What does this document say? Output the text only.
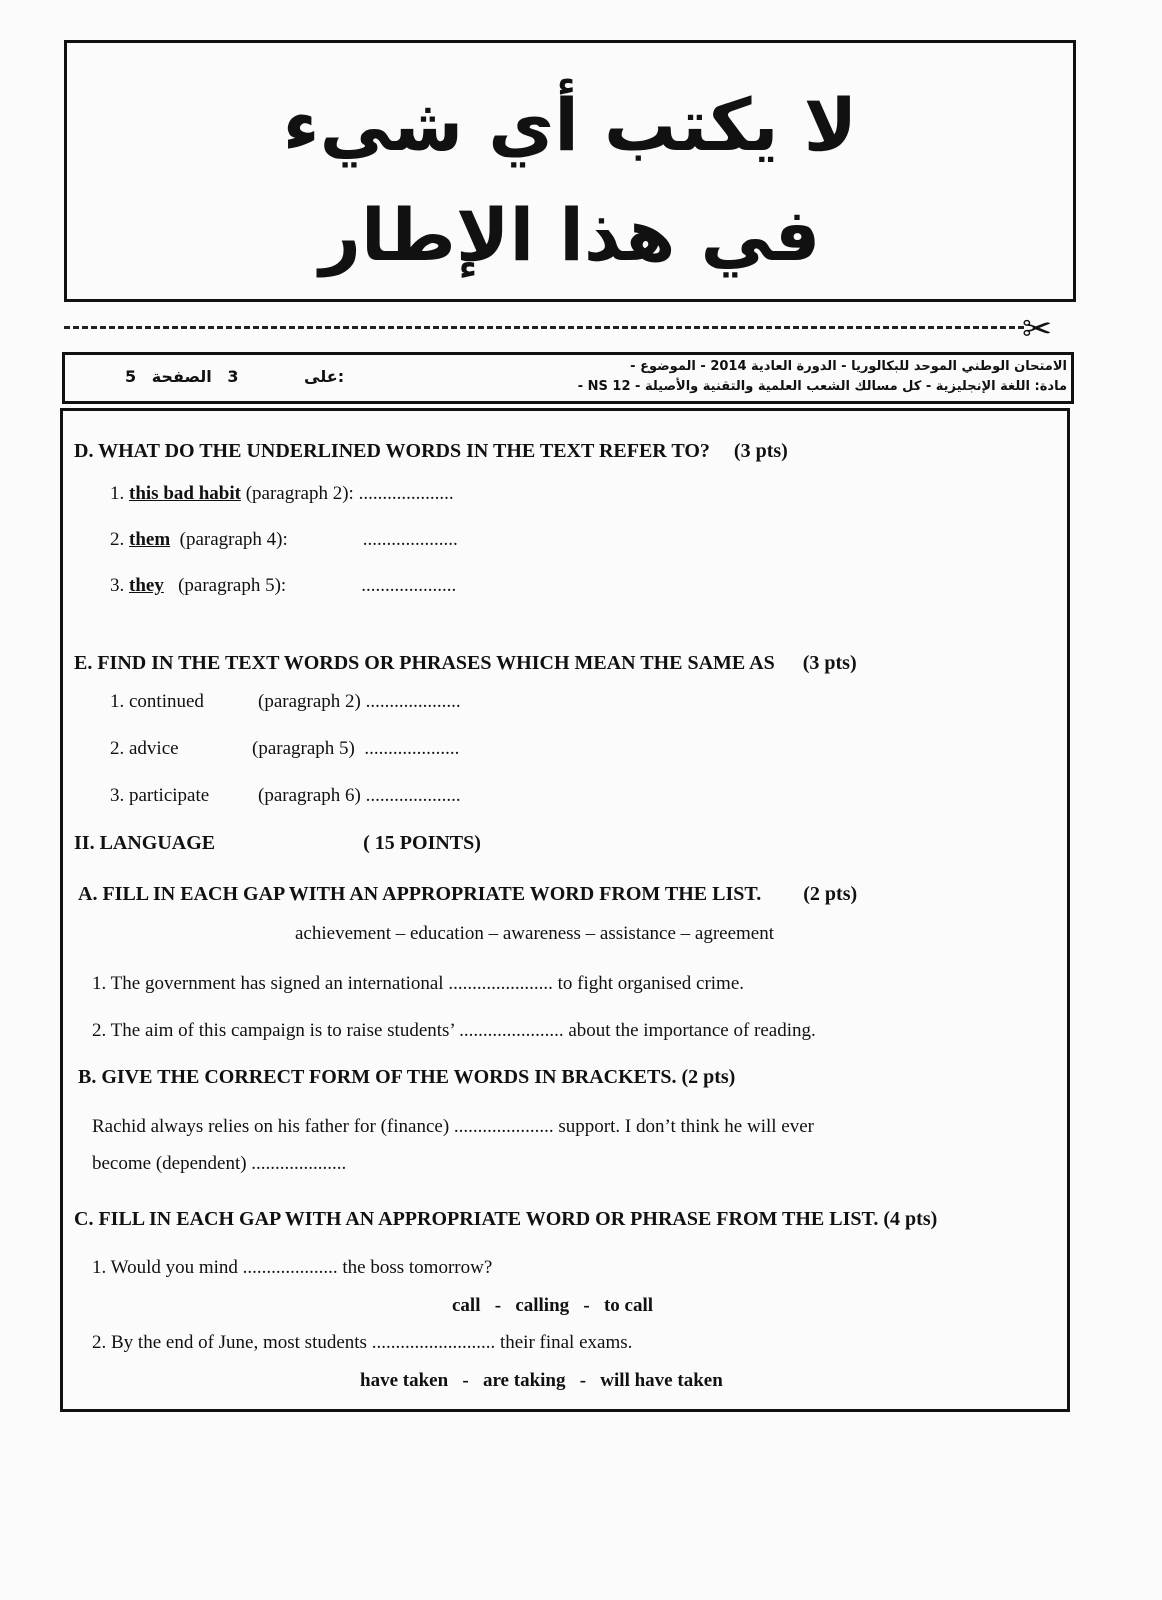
لا يكتب أي شيء
في هذا الإطار
✂
الامتحان الوطني الموحد للبكالوريا - الدورة العادية 2014 - الموضوع -
مادة: اللغة الإنجليزية - كل مسالك الشعب العلمية والتقنية والأصيلة - NS 12 -
5	على 3 الصفحة:
D. WHAT DO THE UNDERLINED WORDS IN THE TEXT REFER TO? (3 pts)
1. this bad habit (paragraph 2): ....................
2. them (paragraph 4):	....................
3. they (paragraph 5):	....................
E. FIND IN THE TEXT WORDS OR PHRASES WHICH MEAN THE SAME AS (3 pts)
1. continued	(paragraph 2) ....................
2. advice	(paragraph 5) ....................
3. participate	(paragraph 6) ....................
II. LANGUAGE	( 15 POINTS)
A. FILL IN EACH GAP WITH AN APPROPRIATE WORD FROM THE LIST. (2 pts)
achievement – education – awareness – assistance – agreement
1. The government has signed an international ...................... to fight organised crime.
2. The aim of this campaign is to raise students’ ...................... about the importance of reading.
B. GIVE THE CORRECT FORM OF THE WORDS IN BRACKETS. (2 pts)
Rachid always relies on his father for (finance) ..................... support. I don’t think he will ever
become (dependent) ....................
C. FILL IN EACH GAP WITH AN APPROPRIATE WORD OR PHRASE FROM THE LIST. (4 pts)
1. Would you mind .................... the boss tomorrow?
call   -   calling   -   to call
2. By the end of June, most students .......................... their final exams.
have taken   -   are taking   -   will have taken
